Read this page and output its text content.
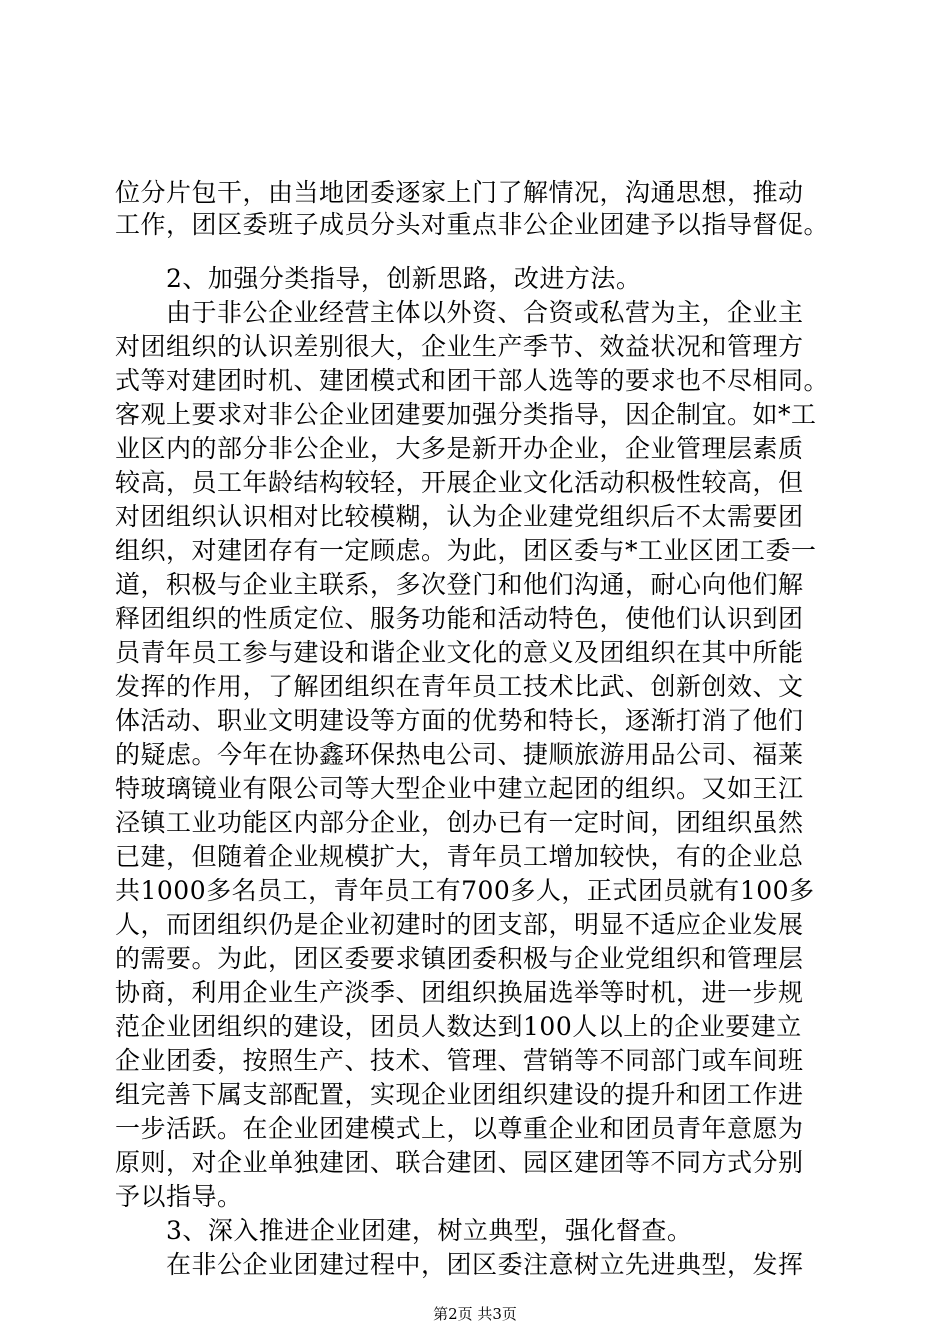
位分片包干，由当地团委逐家上门了解情况，沟通思想，推动
工作，团区委班子成员分头对重点非公企业团建予以指导督促。
　　2、加强分类指导，创新思路，改进方法。
　　由于非公企业经营主体以外资、合资或私营为主，企业主
对团组织的认识差别很大，企业生产季节、效益状况和管理方
式等对建团时机、建团模式和团干部人选等的要求也不尽相同。
客观上要求对非公企业团建要加强分类指导，因企制宜。如*工
业区内的部分非公企业，大多是新开办企业，企业管理层素质
较高，员工年龄结构较轻，开展企业文化活动积极性较高，但
对团组织认识相对比较模糊，认为企业建党组织后不太需要团
组织，对建团存有一定顾虑。为此，团区委与*工业区团工委一
道，积极与企业主联系，多次登门和他们沟通，耐心向他们解
释团组织的性质定位、服务功能和活动特色，使他们认识到团
员青年员工参与建设和谐企业文化的意义及团组织在其中所能
发挥的作用，了解团组织在青年员工技术比武、创新创效、文
体活动、职业文明建设等方面的优势和特长，逐渐打消了他们
的疑虑。今年在协鑫环保热电公司、捷顺旅游用品公司、福莱
特玻璃镜业有限公司等大型企业中建立起团的组织。又如王江
泾镇工业功能区内部分企业，创办已有一定时间，团组织虽然
已建，但随着企业规模扩大，青年员工增加较快，有的企业总
共1000多名员工，青年员工有700多人，正式团员就有100多
人，而团组织仍是企业初建时的团支部，明显不适应企业发展
的需要。为此，团区委要求镇团委积极与企业党组织和管理层
协商，利用企业生产淡季、团组织换届选举等时机，进一步规
范企业团组织的建设，团员人数达到100人以上的企业要建立
企业团委，按照生产、技术、管理、营销等不同部门或车间班
组完善下属支部配置，实现企业团组织建设的提升和团工作进
一步活跃。在企业团建模式上，以尊重企业和团员青年意愿为
原则，对企业单独建团、联合建团、园区建团等不同方式分别
予以指导。
　　3、深入推进企业团建，树立典型，强化督查。
　　在非公企业团建过程中，团区委注意树立先进典型，发挥
第2页 共3页
